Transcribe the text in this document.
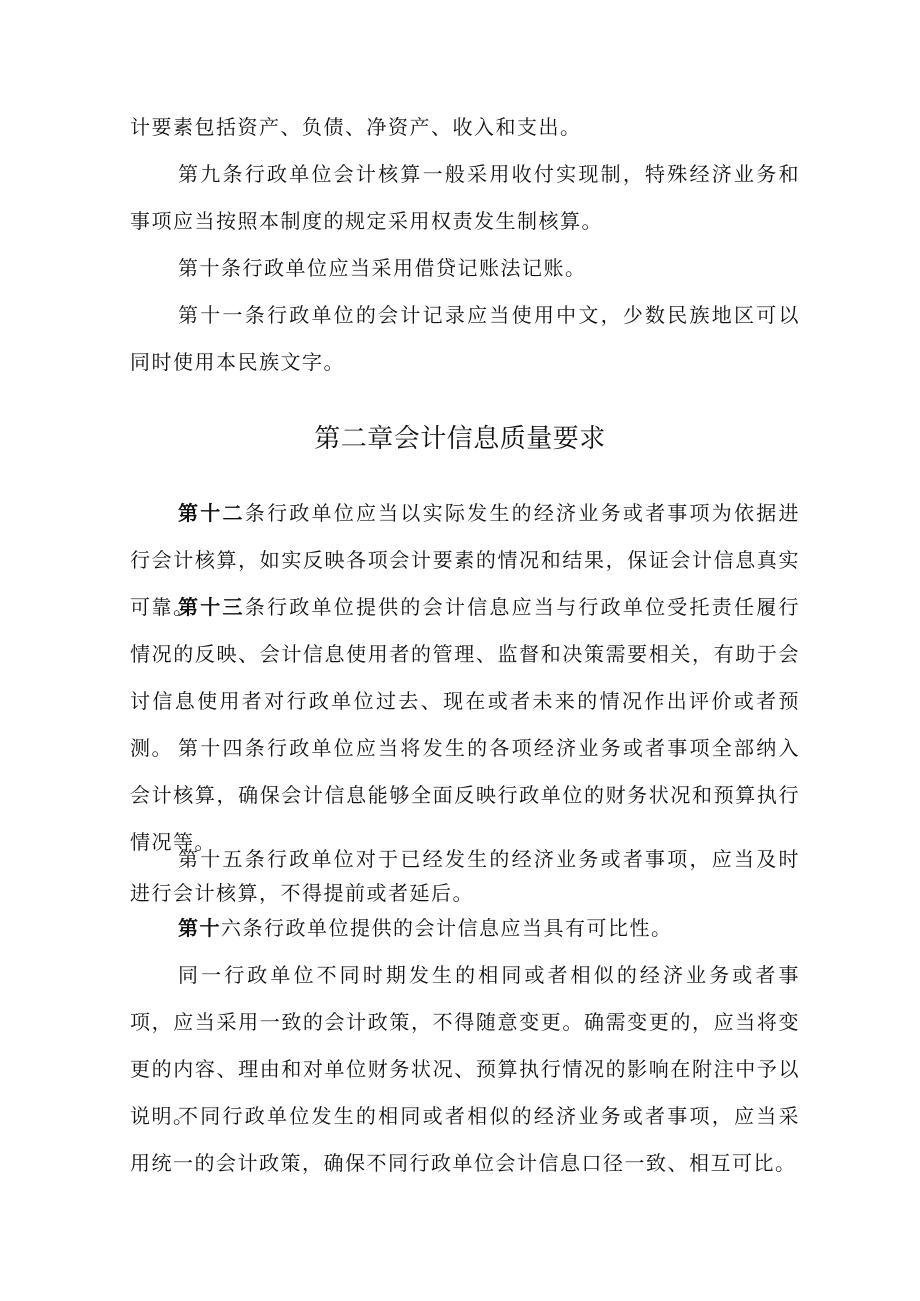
计要素包括资产、负债、净资产、收入和支出。

第九条行政单位会计核算一般采用收付实现制，特殊经济业务和事项应当按照本制度的规定采用权责发生制核算。

第十条行政单位应当采用借贷记账法记账。

第十一条行政单位的会计记录应当使用中文，少数民族地区可以同时使用本民族文字。

第二章会计信息质量要求

第十二条行政单位应当以实际发生的经济业务或者事项为依据进行会计核算，如实反映各项会计要素的情况和结果，保证会计信息真实可靠。

第十三条行政单位提供的会计信息应当与行政单位受托责任履行情况的反映、会计信息使用者的管理、监督和决策需要相关，有助于会讨信息使用者对行政单位过去、现在或者未来的情况作出评价或者预测。 第十四条行政单位应当将发生的各项经济业务或者事项全部纳入会计核算，确保会计信息能够全面反映行政单位的财务状况和预算执行情况等。

第十五条行政单位对于已经发生的经济业务或者事项，应当及时进行会计核算，不得提前或者延后。

第十六条行政单位提供的会计信息应当具有可比性。

同一行政单位不同时期发生的相同或者相似的经济业务或者事项，应当采用一致的会计政策，不得随意变更。确需变更的，应当将变更的内容、理由和对单位财务状况、预算执行情况的影响在附注中予以说明。

不同行政单位发生的相同或者相似的经济业务或者事项，应当采用统一的会计政策，确保不同行政单位会计信息口径一致、相互可比。
